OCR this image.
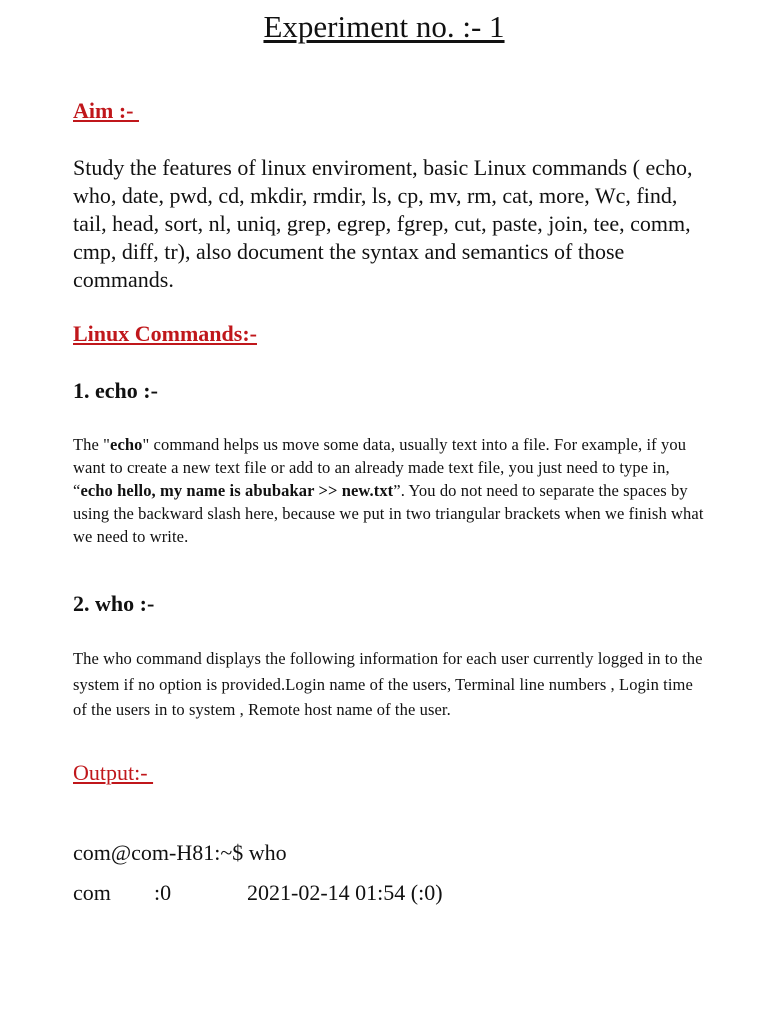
Experiment no. :- 1
Aim :-

Study the features of linux enviroment, basic Linux commands ( echo, who, date, pwd, cd, mkdir, rmdir, ls, cp, mv, rm, cat, more, Wc, find, tail, head, sort, nl, uniq, grep, egrep, fgrep, cut, paste, join, tee, comm, cmp, diff, tr), also document the syntax and semantics of those commands.

Linux Commands:-
1. echo :-

The "echo" command helps us move some data, usually text into a file. For example, if you want to create a new text file or add to an already made text file, you just need to type in, “echo hello, my name is abubakar >> new.txt”. You do not need to separate the spaces by using the backward slash here, because we put in two triangular brackets when we finish what we need to write.

2. who :-

The who command displays the following information for each user currently logged in to the system if no option is provided.Login name of the users, Terminal line numbers , Login time of the users in to system , Remote host name of the user.

Output:-

com@com-H81:~$ who

com :0	2021-02-14 01:54 (:0)
